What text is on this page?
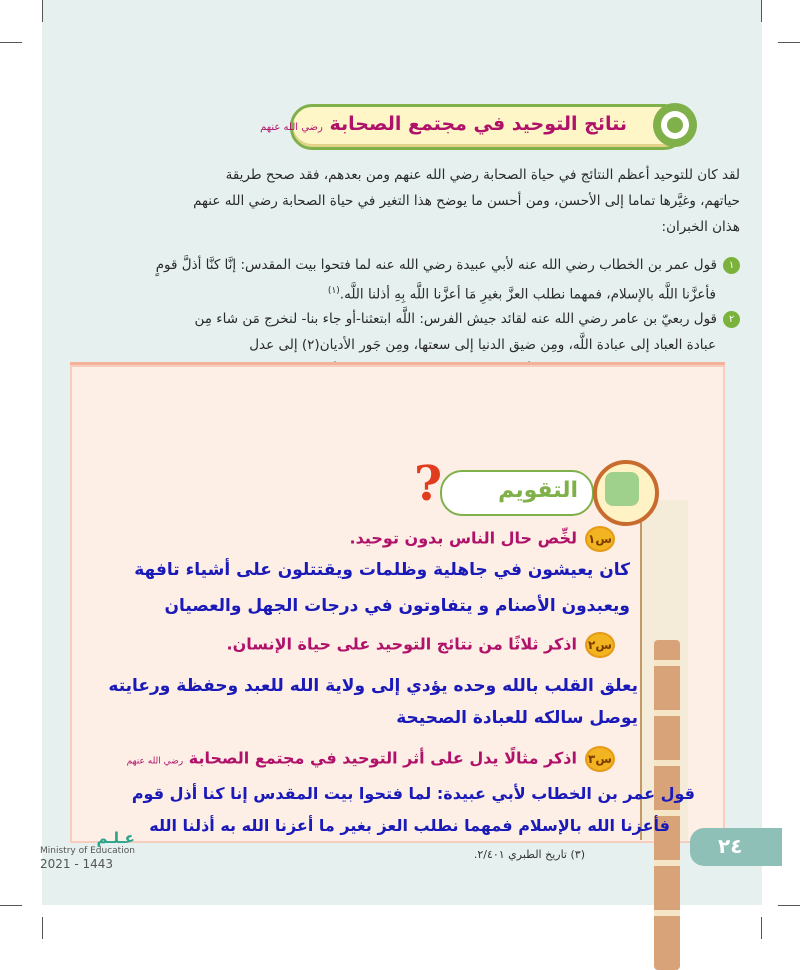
نتائج التوحيد في مجتمع الصحابة رضي الله عنهم
لقد كان للتوحيد أعظم النتائج في حياة الصحابة رضي الله عنهم ومن بعدهم، فقد صحح طريقة
حياتهم، وغيَّرها تماما إلى الأحسن، ومن أحسن ما يوضح هذا التغير في حياة الصحابة رضي الله عنهم
هذان الخبران:
١قول عمر بن الخطاب رضي الله عنه لأبي عبيدة رضي الله عنه لما فتحوا بيت المقدس: إنَّا كنَّا أذلَّ قومٍ
فأعزَّنا اللَّه بالإسلام، فمهما نطلب العزَّ بغيرِ مَا أعزَّنا اللَّه بِهِ أذلنا اللَّه.$^{(١)}$
٢قول ربعيّ بن عامر رضي الله عنه لقائد جيش الفرس: اللَّه ابتعثنا-أو جاء بنا- لنخرج مَن شاء مِن
عبادة العباد إلى عبادة اللَّه، ومِن ضيق الدنيا إلى سعتها، ومِن جَور الأديان(٢) إلى عدل
التقويم
?
س١لخِّص حال الناس بدون توحيد.
كان يعيشون في جاهلية وظلمات ويقتتلون على أشياء تافهة
ويعبدون الأصنام و يتفاوتون في درجات الجهل والعصيان
س٢اذكر ثلاثًا من نتائج التوحيد على حياة الإنسان.
يعلق القلب بالله وحده يؤدي إلى ولاية الله للعبد وحفظة ورعايته
يوصل سالكه للعبادة الصحيحة
س٣اذكر مثالًا يدل على أثر التوحيد في مجتمع الصحابة رضي الله عنهم
قول عمر بن الخطاب لأبي عبيدة: لما فتحوا بيت المقدس إنا كنا أذل قوم
فأعزنا الله بالإسلام فمهما نطلب العز بغير ما أعزنا الله به أذلنا الله
٢٤
(٣) تاريخ الطبري ٢/٤٠١.
عـلـم
Ministry of Education
2021 - 1443
